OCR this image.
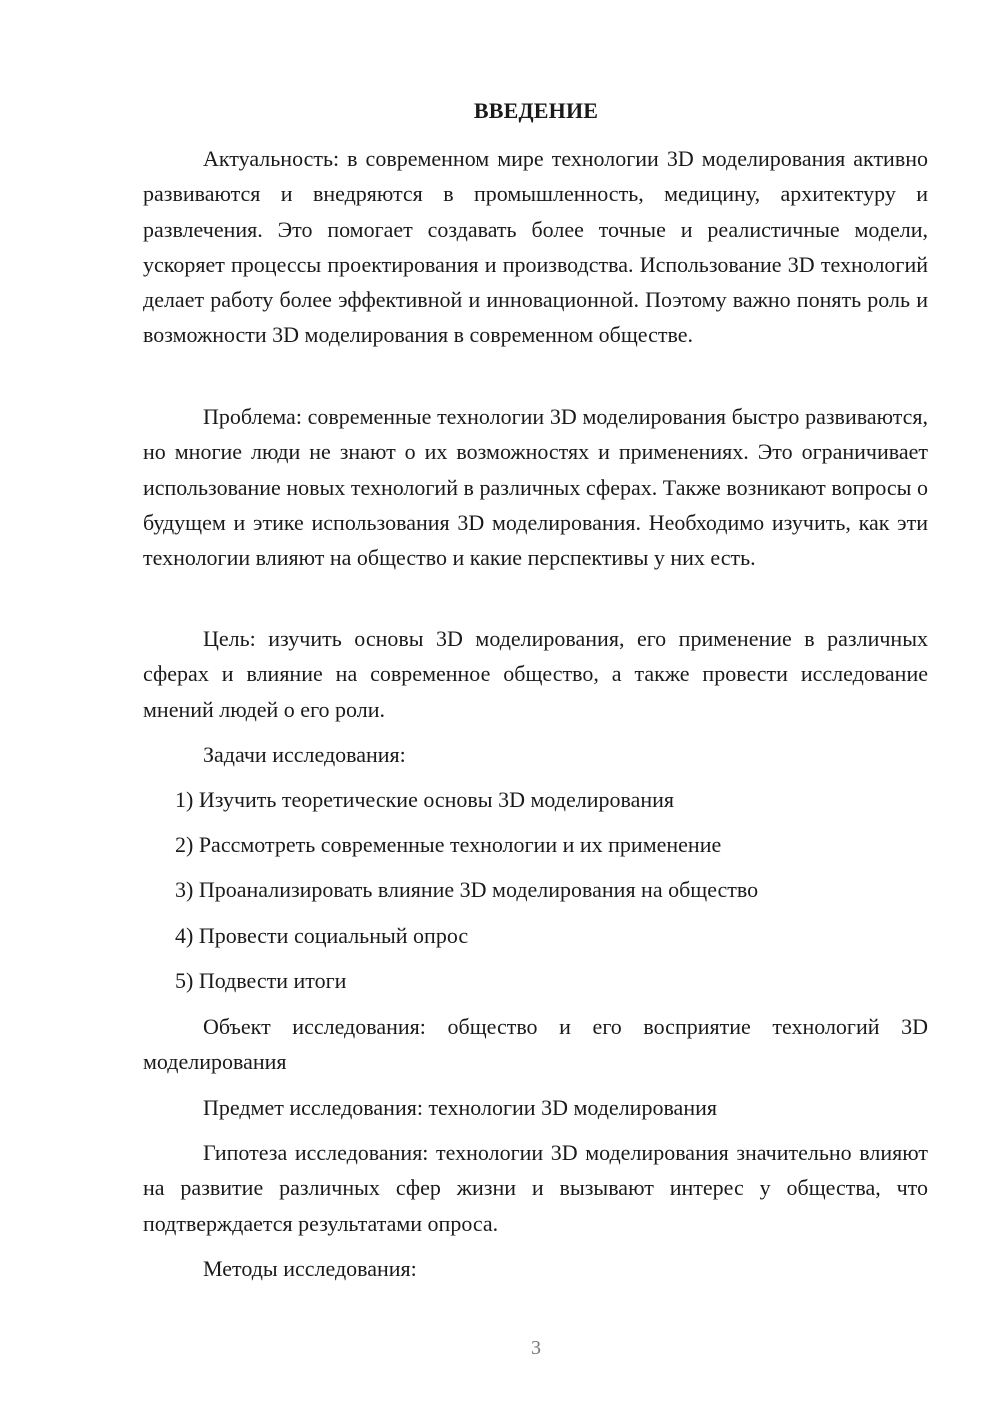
ВВЕДЕНИЕ

Актуальность: в современном мире технологии 3D моделирования активно развиваются и внедряются в промышленность, медицину, архитектуру и развлечения. Это помогает создавать более точные и реалистичные модели, ускоряет процессы проектирования и производства. Использование 3D технологий делает работу более эффективной и инновационной. Поэтому важно понять роль и возможности 3D моделирования в современном обществе.

Проблема: современные технологии 3D моделирования быстро развиваются, но многие люди не знают о их возможностях и применениях. Это ограничивает использование новых технологий в различных сферах. Также возникают вопросы о будущем и этике использования 3D моделирования. Необходимо изучить, как эти технологии влияют на общество и какие перспективы у них есть.

Цель: изучить основы 3D моделирования, его применение в различных сферах и влияние на современное общество, а также провести исследование мнений людей о его роли.

Задачи исследования:

1) Изучить теоретические основы 3D моделирования
2) Рассмотреть современные технологии и их применение
3) Проанализировать влияние 3D моделирования на общество
4) Провести социальный опрос
5) Подвести итоги

Объект исследования: общество и его восприятие технологий 3D моделирования

Предмет исследования: технологии 3D моделирования

Гипотеза исследования: технологии 3D моделирования значительно влияют на развитие различных сфер жизни и вызывают интерес у общества, что подтверждается результатами опроса.

Методы исследования:

3
